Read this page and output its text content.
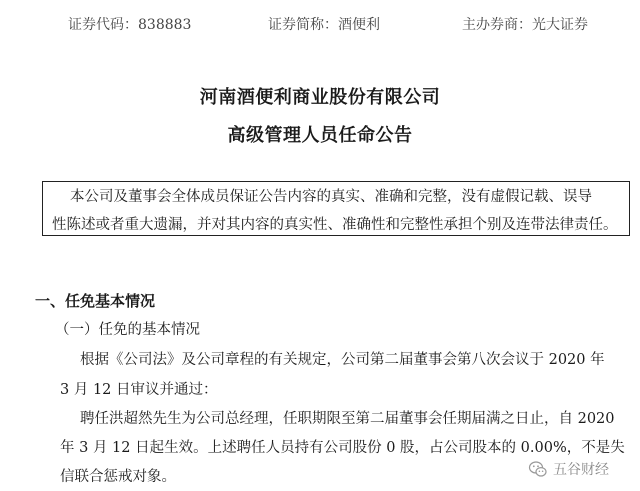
证券代码：838883	证券简称：酒便利	主办券商：光大证券
河南酒便利商业股份有限公司
高级管理人员任命公告
本公司及董事会全体成员保证公告内容的真实、准确和完整，没有虚假记载、误导
性陈述或者重大遗漏，并对其内容的真实性、准确性和完整性承担个别及连带法律责任。
一、任免基本情况
（一）任免的基本情况
根据《公司法》及公司章程的有关规定，公司第二届董事会第八次会议于 2020 年
3 月 12 日审议并通过：
聘任洪超然先生为公司总经理，任职期限至第二届董事会任期届满之日止，自 2020
年 3 月 12 日起生效。上述聘任人员持有公司股份 0 股，占公司股本的 0.00%，不是失
信联合惩戒对象。	五谷财经
